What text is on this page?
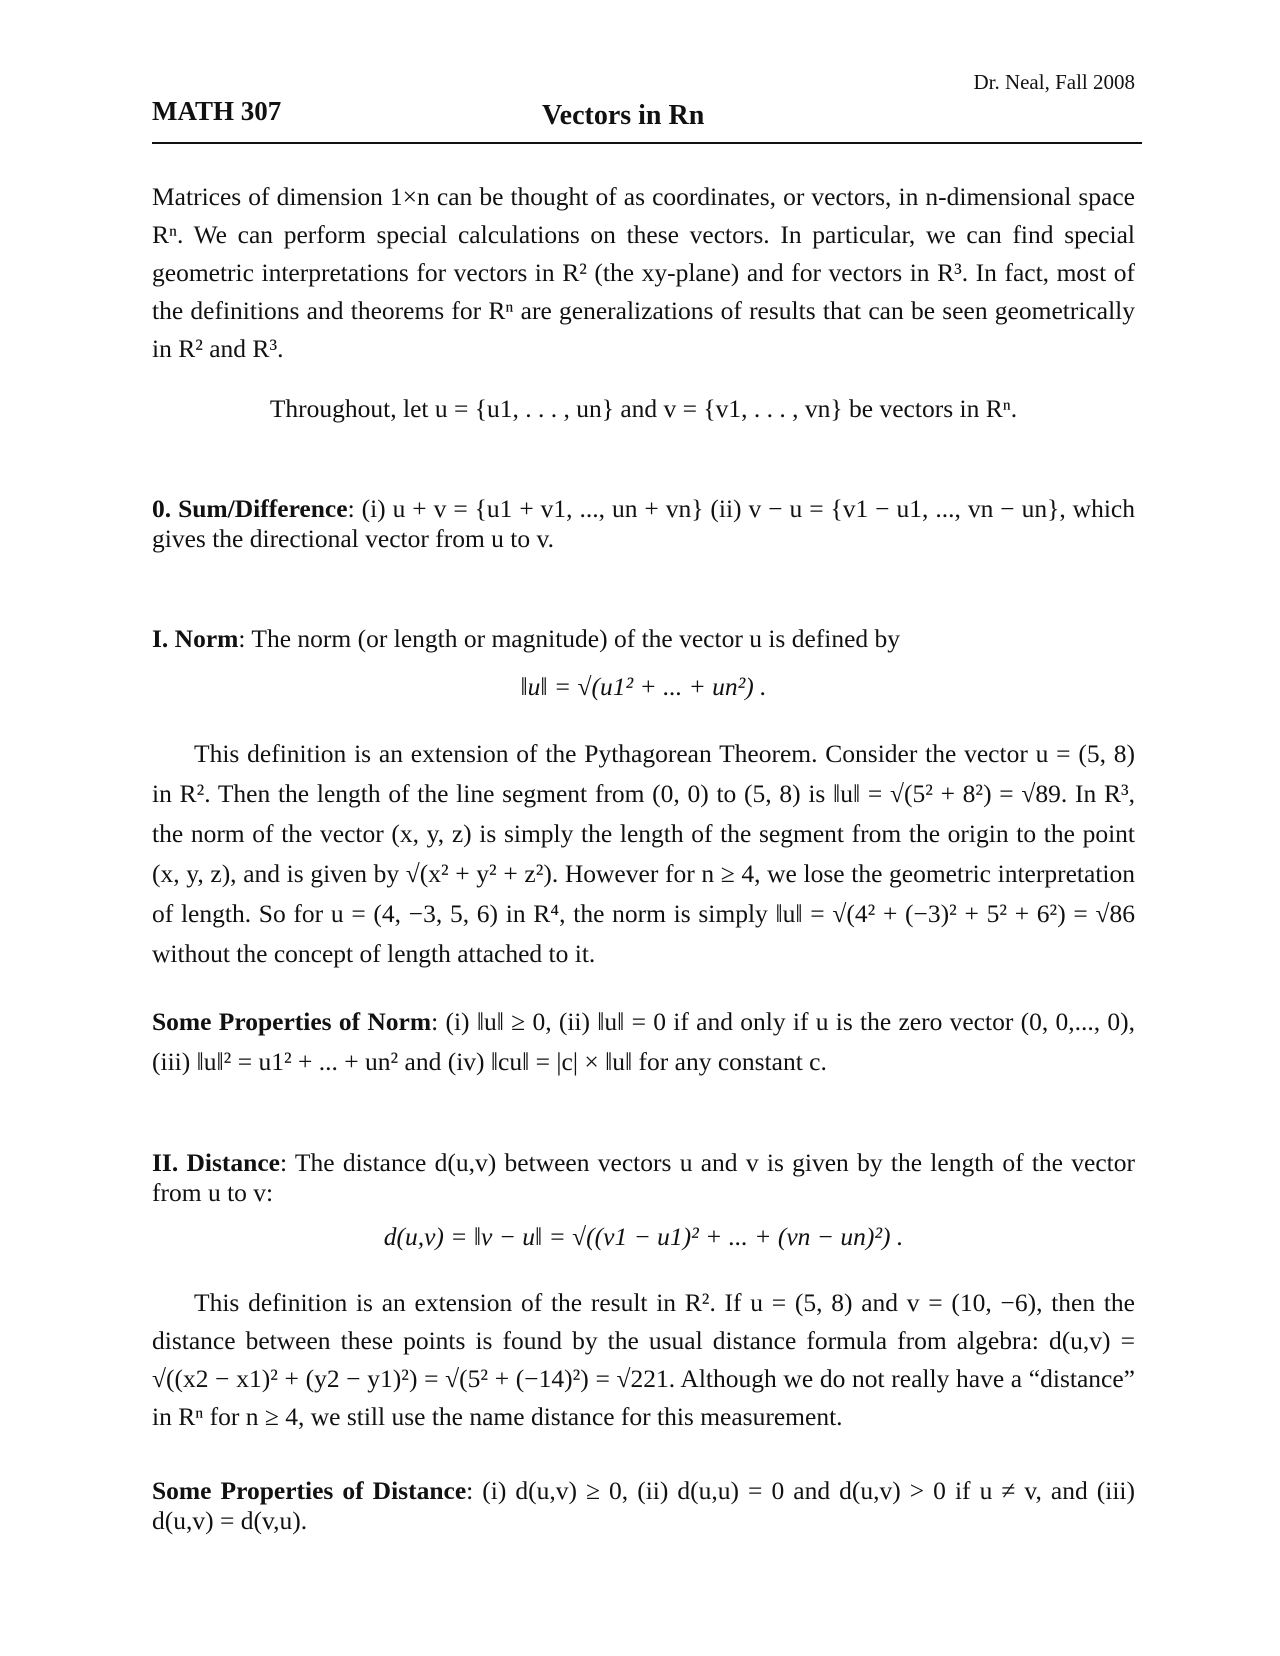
Dr. Neal, Fall 2008

MATH 307	Vectors in Rn

Matrices of dimension 1×n can be thought of as coordinates, or vectors, in n-dimensional space Rⁿ. We can perform special calculations on these vectors. In particular, we can find special geometric interpretations for vectors in R² (the xy-plane) and for vectors in R³. In fact, most of the definitions and theorems for Rⁿ are generalizations of results that can be seen geometrically in R² and R³.

Throughout, let u = {u1, . . . , un} and v = {v1, . . . , vn} be vectors in Rⁿ.

0. Sum/Difference: (i) u + v = {u1 + v1, ..., un + vn} (ii) v − u = {v1 − u1, ..., vn − un}, which gives the directional vector from u to v.

I. Norm: The norm (or length or magnitude) of the vector u is defined by

‖u‖ = √(u1² + ... + un²) .

This definition is an extension of the Pythagorean Theorem. Consider the vector u = (5, 8) in R². Then the length of the line segment from (0, 0) to (5, 8) is ‖u‖ = √(5² + 8²) = √89. In R³, the norm of the vector (x, y, z) is simply the length of the segment from the origin to the point (x, y, z), and is given by √(x² + y² + z²). However for n ≥ 4, we lose the geometric interpretation of length. So for u = (4, −3, 5, 6) in R⁴, the norm is simply ‖u‖ = √(4² + (−3)² + 5² + 6²) = √86 without the concept of length attached to it.

Some Properties of Norm: (i) ‖u‖ ≥ 0, (ii) ‖u‖ = 0 if and only if u is the zero vector (0, 0,..., 0), (iii) ‖u‖² = u1² + ... + un² and (iv) ‖cu‖ = |c| × ‖u‖ for any constant c.

II. Distance: The distance d(u,v) between vectors u and v is given by the length of the vector from u to v:

d(u,v) = ‖v − u‖ = √((v1 − u1)² + ... + (vn − un)²) .

This definition is an extension of the result in R². If u = (5, 8) and v = (10, −6), then the distance between these points is found by the usual distance formula from algebra: d(u,v) = √((x2 − x1)² + (y2 − y1)²) = √(5² + (−14)²) = √221. Although we do not really have a “distance” in Rⁿ for n ≥ 4, we still use the name distance for this measurement.

Some Properties of Distance: (i) d(u,v) ≥ 0, (ii) d(u,u) = 0 and d(u,v) > 0 if u ≠ v, and (iii) d(u,v) = d(v,u).
